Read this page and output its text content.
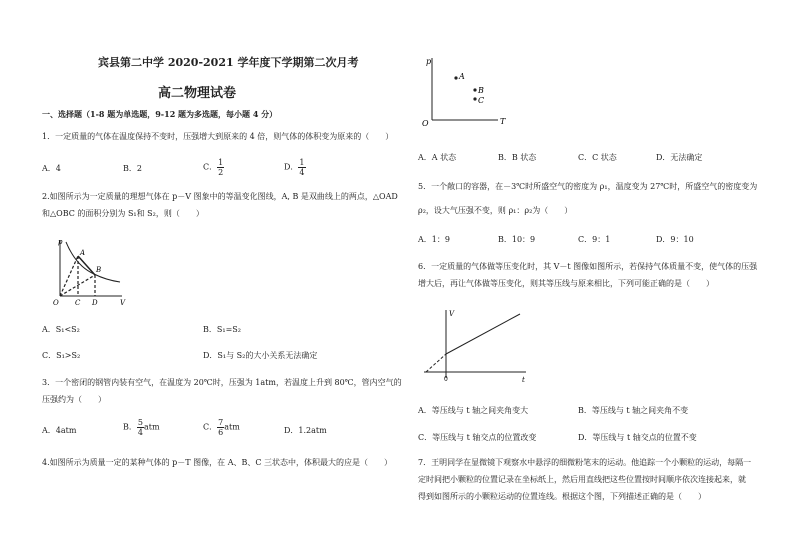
宾县第二中学 2020-2021 学年度下学期第二次月考
高二物理试卷
一、选择题（1-8 题为单选题，9-12 题为多选题，每小题 4 分）
1．一定质量的气体在温度保持不变时，压强增大到原来的 4 倍，则气体的体积变为原来的（　　）
A．4	B．2	C． $\frac{1}{2}$	D． $\frac{1}{4}$
2.如图所示为一定质量的理想气体在 p－V 图象中的等温变化图线，A, B 是双曲线上的两点，△OAD
和△OBC 的面积分别为 S₁和 S₂，则（　　）
p
V
O
A
B
C D
A．S₁<S₂	B．S₁=S₂
C．S₁>S₂	D．S₁与 S₂的大小关系无法确定
3．一个密闭的钢管内装有空气，在温度为 20℃时，压强为 1atm，若温度上升到 80℃，管内空气的
压强约为（　　）
A．4atm	B． $\frac{5}{4}$ atm	C． $\frac{7}{6}$ atm	D．1.2atm
4.如图所示为质量一定的某种气体的 p－T 图像，在 A、B、C 三状态中，体积最大的应是（　　）
p
T
O
A
B
C
A．A 状态	B．B 状态	C．C 状态	D．无法确定
5．一个敞口的容器，在－3℃时所盛空气的密度为 ρ₁，温度变为 27℃时，所盛空气的密度变为
ρ₂，设大气压强不变，则 ρ₁：ρ₂为（　　）
A．1：9	B．10：9	C．9：1	D．9：10
6．一定质量的气体做等压变化时，其 V－t 图像如图所示，若保持气体质量不变，使气体的压强
增大后，再让气体做等压变化，则其等压线与原来相比，下列可能正确的是（　　）
V
t
0
A．等压线与 t 轴之间夹角变大	B．等压线与 t 轴之间夹角不变
C．等压线与 t 轴交点的位置改变	D．等压线与 t 轴交点的位置不变
7．王明同学在显微镜下观察水中悬浮的细微粉笔末的运动。他追踪一个小颗粒的运动，每隔一
定时间把小颗粒的位置记录在坐标纸上，然后用直线把这些位置按时间顺序依次连接起来，就
得到如图所示的小颗粒运动的位置连线。根据这个图，下列描述正确的是（　　）
